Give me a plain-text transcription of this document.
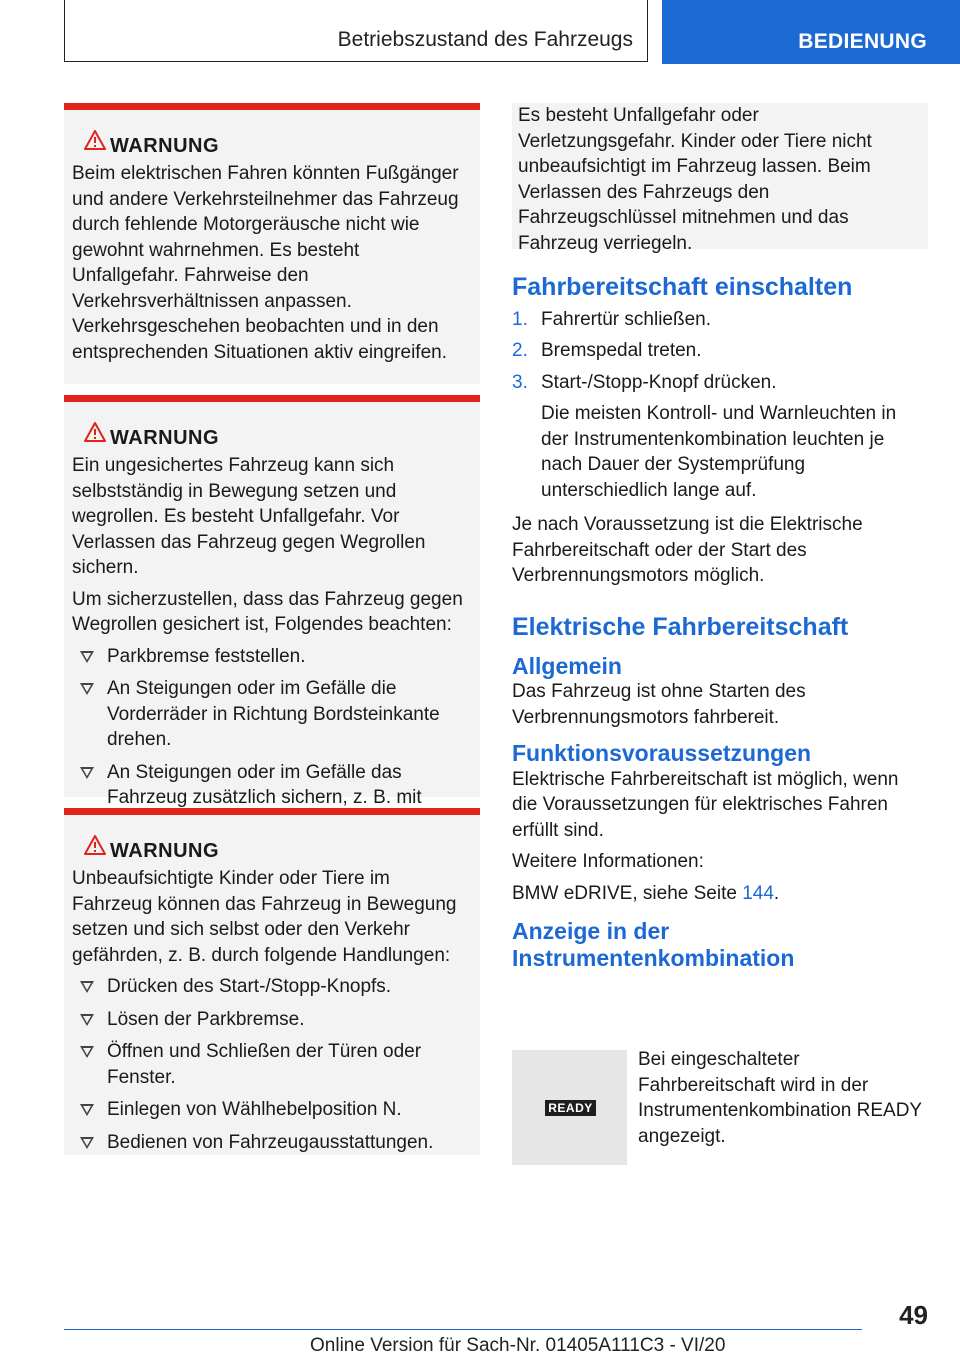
Betriebszustand des Fahrzeugs	BEDIENUNG
WARNUNG

Beim elektrischen Fahren könnten Fußgänger und andere Verkehrsteilnehmer das Fahrzeug durch fehlende Motorgeräusche nicht wie gewohnt wahrnehmen. Es besteht Unfallgefahr. Fahrweise den Verkehrsverhältnissen anpassen. Verkehrsgeschehen beobachten und in den entsprechenden Situationen aktiv eingreifen.

WARNUNG

Ein ungesichertes Fahrzeug kann sich selbstständig in Bewegung setzen und wegrollen. Es besteht Unfallgefahr. Vor Verlassen das Fahrzeug gegen Wegrollen sichern.

Um sicherzustellen, dass das Fahrzeug gegen Wegrollen gesichert ist, Folgendes beachten:

Parkbremse feststellen.
An Steigungen oder im Gefälle die Vorderräder in Richtung Bordsteinkante drehen.
An Steigungen oder im Gefälle das Fahrzeug zusätzlich sichern, z. B. mit
WARNUNG

Unbeaufsichtigte Kinder oder Tiere im Fahrzeug können das Fahrzeug in Bewegung setzen und sich selbst oder den Verkehr gefährden, z. B. durch folgende Handlungen:

Drücken des Start-/Stopp-Knopfs.
Lösen der Parkbremse.
Öffnen und Schließen der Türen oder Fenster.
Einlegen von Wählhebelposition N.
Bedienen von Fahrzeugausstattungen.

Es besteht Unfallgefahr oder Verletzungsgefahr. Kinder oder Tiere nicht unbeaufsichtigt im Fahrzeug lassen. Beim Verlassen des Fahrzeugs den Fahrzeugschlüssel mitnehmen und das Fahrzeug verriegeln.

Fahrbereitschaft einschalten
1. Fahrertür schließen.
2. Bremspedal treten.
3. Start-/Stopp-Knopf drücken.

Die meisten Kontroll- und Warnleuchten in der Instrumentenkombination leuchten je nach Dauer der Systemprüfung unterschiedlich lange auf.

Je nach Voraussetzung ist die Elektrische Fahrbereitschaft oder der Start des Verbrennungsmotors möglich.

Elektrische Fahrbereitschaft
Allgemein

Das Fahrzeug ist ohne Starten des Verbrennungsmotors fahrbereit.

Funktionsvoraussetzungen

Elektrische Fahrbereitschaft ist möglich, wenn die Voraussetzungen für elektrisches Fahren erfüllt sind.

Weitere Informationen:

BMW eDRIVE, siehe Seite 144.

Anzeige in der Instrumentenkombination
READY
Bei eingeschalteter Fahrbereitschaft wird in der Instrumentenkombination READY angezeigt.
49
Online Version für Sach-Nr. 01405A111C3 - VI/20
